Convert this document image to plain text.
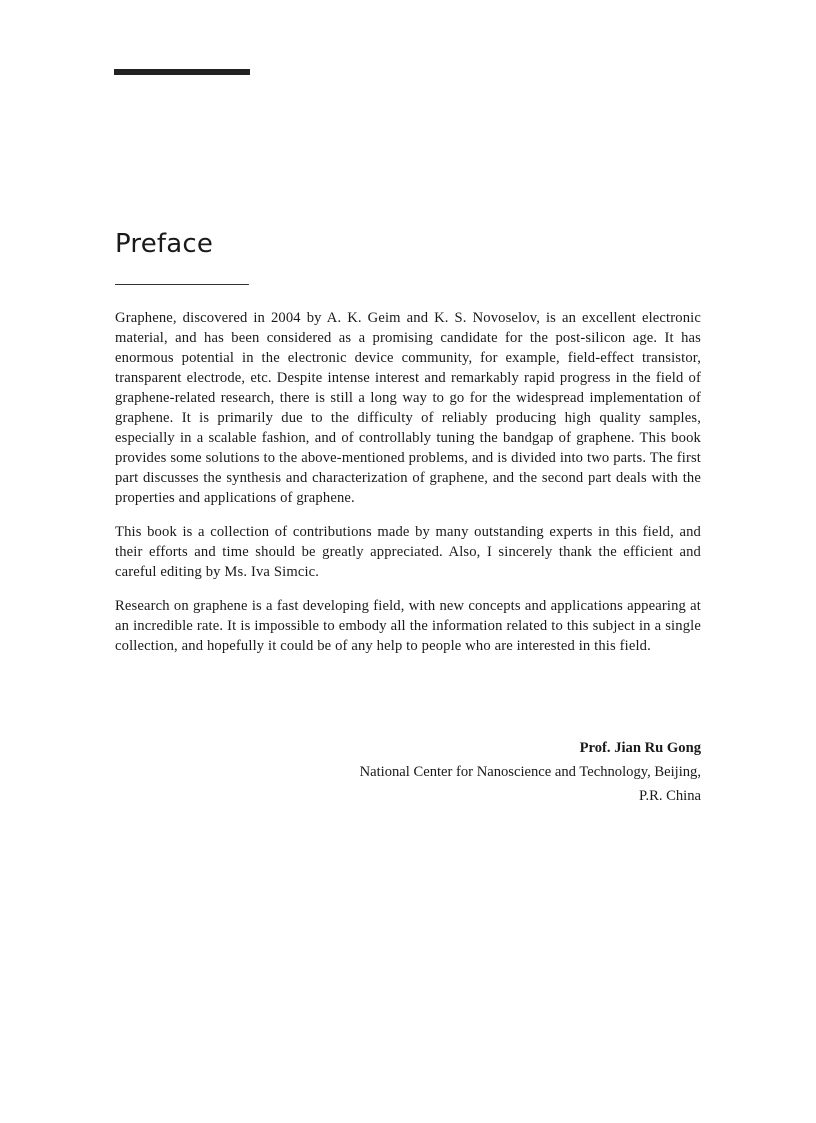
Preface

Graphene, discovered in 2004 by A. K. Geim and K. S. Novoselov, is an excellent electronic material, and has been considered as a promising candidate for the post-silicon age. It has enormous potential in the electronic device community, for example, field-effect transistor, transparent electrode, etc. Despite intense interest and remarkably rapid progress in the field of graphene-related research, there is still a long way to go for the widespread implementation of graphene. It is primarily due to the difficulty of reliably producing high quality samples, especially in a scalable fashion, and of controllably tuning the bandgap of graphene. This book provides some solutions to the above-mentioned problems, and is divided into two parts. The first part discusses the synthesis and characterization of graphene, and the second part deals with the properties and applications of graphene.

This book is a collection of contributions made by many outstanding experts in this field, and their efforts and time should be greatly appreciated. Also, I sincerely thank the efficient and careful editing by Ms. Iva Simcic.

Research on graphene is a fast developing field, with new concepts and applications appearing at an incredible rate. It is impossible to embody all the information related to this subject in a single collection, and hopefully it could be of any help to people who are interested in this field.

Prof. Jian Ru Gong
National Center for Nanoscience and Technology, Beijing,
P.R. China
